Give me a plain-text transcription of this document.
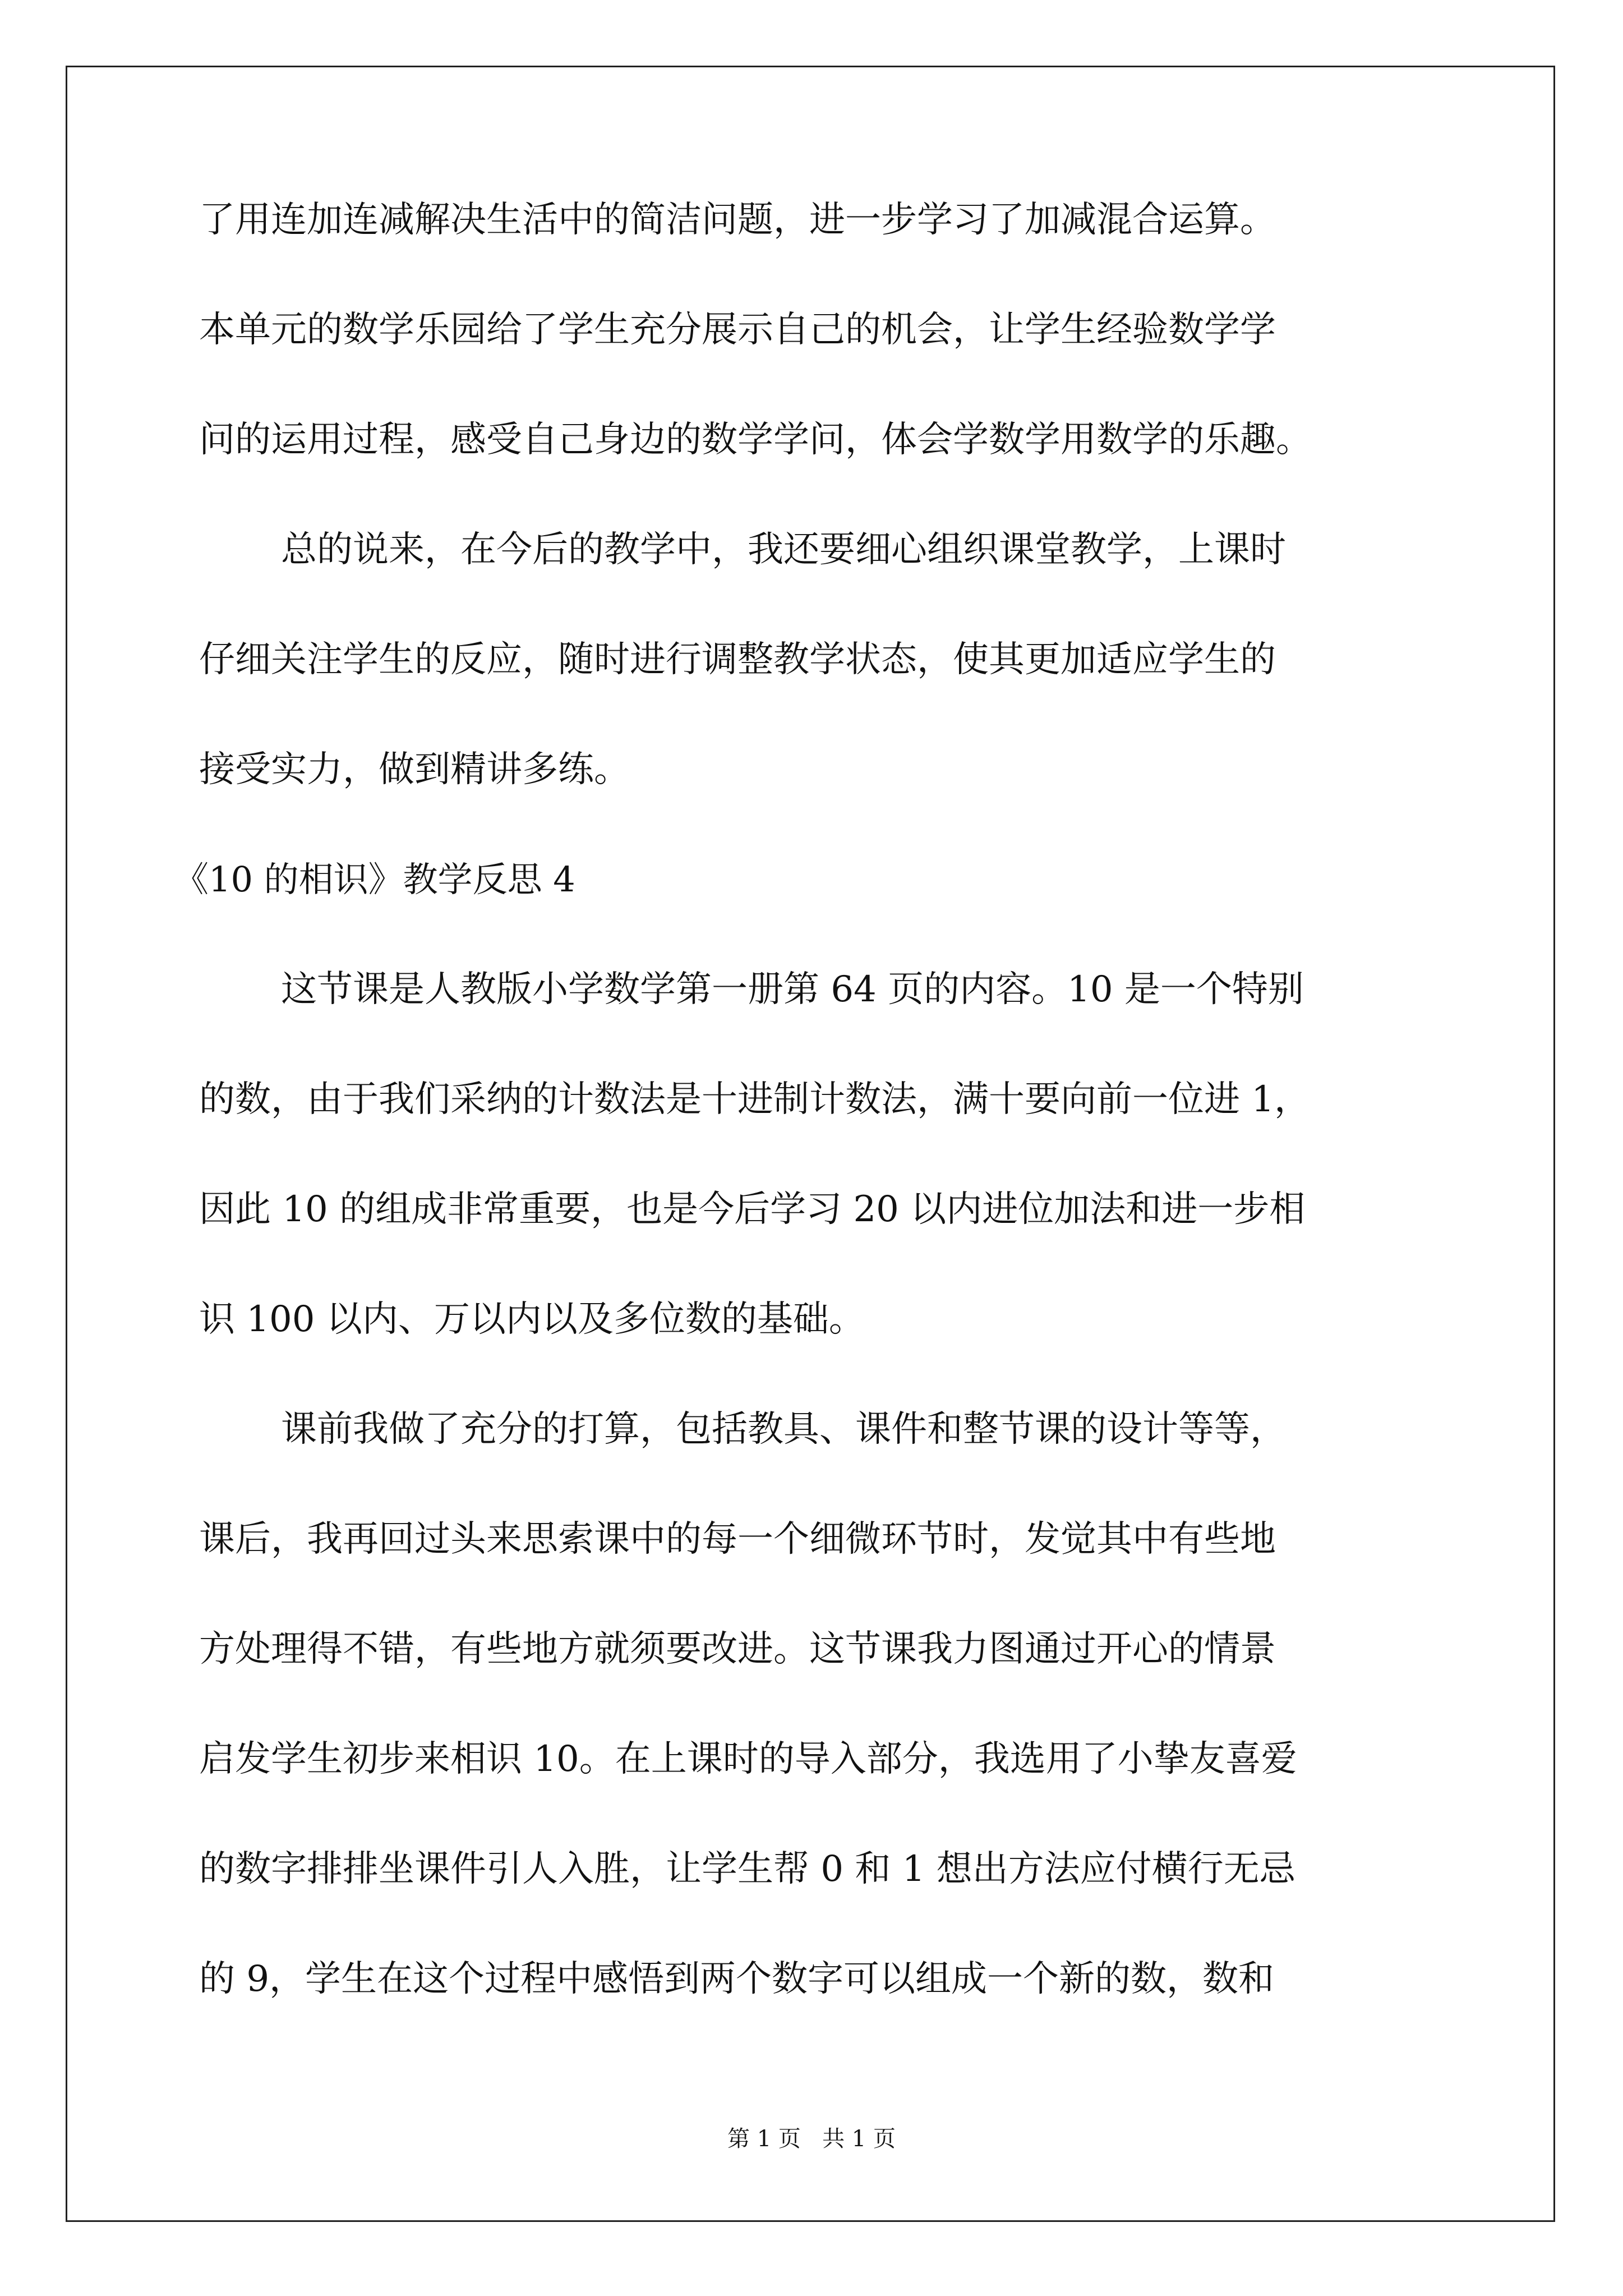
了用连加连减解决生活中的简洁问题，进一步学习了加减混合运算。
本单元的数学乐园给了学生充分展示自己的机会，让学生经验数学学
问的运用过程，感受自己身边的数学学问，体会学数学用数学的乐趣。
总的说来，在今后的教学中，我还要细心组织课堂教学，上课时
仔细关注学生的反应，随时进行调整教学状态，使其更加适应学生的
接受实力，做到精讲多练。
《10 的相识》教学反思 4
这节课是人教版小学数学第一册第 64 页的内容。10 是一个特别
的数，由于我们采纳的计数法是十进制计数法，满十要向前一位进 1，
因此 10 的组成非常重要，也是今后学习 20 以内进位加法和进一步相
识 100 以内、万以内以及多位数的基础。
课前我做了充分的打算，包括教具、课件和整节课的设计等等，
课后，我再回过头来思索课中的每一个细微环节时，发觉其中有些地
方处理得不错，有些地方就须要改进。这节课我力图通过开心的情景
启发学生初步来相识 10。在上课时的导入部分，我选用了小挚友喜爱
的数字排排坐课件引人入胜，让学生帮 0 和 1 想出方法应付横行无忌
的 9，学生在这个过程中感悟到两个数字可以组成一个新的数，数和
第 1 页   共 1 页
